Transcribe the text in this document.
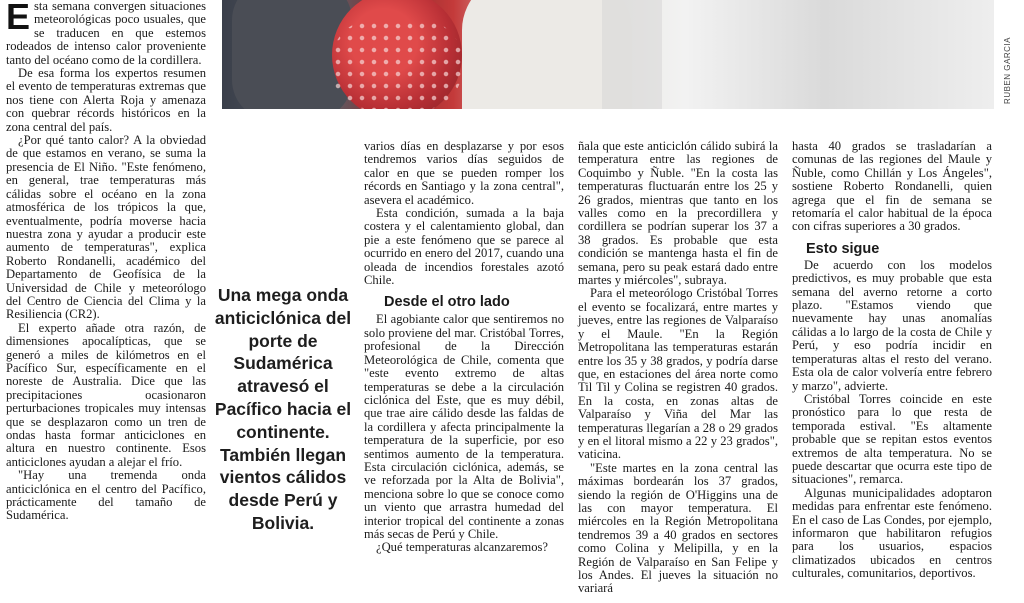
RUBEN GARCIA

Esta semana convergen situaciones meteorológicas poco usuales, que se traducen en que estemos rodeados de intenso calor proveniente tanto del océano como de la cordillera.

De esa forma los expertos resumen el evento de temperaturas extremas que nos tiene con Alerta Roja y amenaza con quebrar récords históricos en la zona central del país.

¿Por qué tanto calor? A la obviedad de que estamos en verano, se suma la presencia de El Niño. "Este fenómeno, en general, trae temperaturas más cálidas sobre el océano en la zona atmosférica de los trópicos la que, eventualmente, podría moverse hacia nuestra zona y ayudar a producir este aumento de temperaturas", explica Roberto Rondanelli, académico del Departamento de Geofísica de la Universidad de Chile y meteorólogo del Centro de Ciencia del Clima y la Resiliencia (CR2).

El experto añade otra razón, de dimensiones apocalípticas, que se generó a miles de kilómetros en el Pacífico Sur, específicamente en el noreste de Australia. Dice que las precipitaciones ocasionaron perturbaciones tropicales muy intensas que se desplazaron como un tren de ondas hasta formar anticiclones en altura en nuestro continente. Esos anticiclones ayudan a alejar el frío.

"Hay una tremenda onda anticiclónica en el centro del Pacífico, prácticamente del tamaño de Sudamérica.

Una mega onda anticiclónica del porte de Sudamérica atravesó el Pacífico hacia el continente. También llegan vientos cálidos desde Perú y Bolivia.

varios días en desplazarse y por esos tendremos varios días seguidos de calor en que se pueden romper los récords en Santiago y la zona central", asevera el académico.

Esta condición, sumada a la baja costera y el calentamiento global, dan pie a este fenómeno que se parece al ocurrido en enero del 2017, cuando una oleada de incendios forestales azotó Chile.

Desde el otro lado

El agobiante calor que sentiremos no solo proviene del mar. Cristóbal Torres, profesional de la Dirección Meteorológica de Chile, comenta que "este evento extremo de altas temperaturas se debe a la circulación ciclónica del Este, que es muy débil, que trae aire cálido desde las faldas de la cordillera y afecta principalmente la temperatura de la superficie, por eso sentimos aumento de la temperatura. Esta circulación ciclónica, además, se ve reforzada por la Alta de Bolivia", menciona sobre lo que se conoce como un viento que arrastra humedad del interior tropical del continente a zonas más secas de Perú y Chile.

¿Qué temperaturas alcanzaremos?

ñala que este anticiclón cálido subirá la temperatura entre las regiones de Coquimbo y Ñuble. "En la costa las temperaturas fluctuarán entre los 25 y 26 grados, mientras que tanto en los valles como en la precordillera y cordillera se podrían superar los 37 a 38 grados. Es probable que esta condición se mantenga hasta el fin de semana, pero su peak estará dado entre martes y miércoles", subraya.

Para el meteorólogo Cristóbal Torres el evento se focalizará, entre martes y jueves, entre las regiones de Valparaíso y el Maule. "En la Región Metropolitana las temperaturas estarán entre los 35 y 38 grados, y podría darse que, en estaciones del área norte como Til Til y Colina se registren 40 grados. En la costa, en zonas altas de Valparaíso y Viña del Mar las temperaturas llegarían a 28 o 29 grados y en el litoral mismo a 22 y 23 grados", vaticina.

"Este martes en la zona central las máximas bordearán los 37 grados, siendo la región de O'Higgins una de las con mayor temperatura. El miércoles en la Región Metropolitana tendremos 39 a 40 grados en sectores como Colina y Melipilla, y en la Región de Valparaíso en San Felipe y los Andes. El jueves la situación no variará

hasta 40 grados se trasladarían a comunas de las regiones del Maule y Ñuble, como Chillán y Los Ángeles", sostiene Roberto Rondanelli, quien agrega que el fin de semana se retomaría el calor habitual de la época con cifras superiores a 30 grados.

Esto sigue

De acuerdo con los modelos predictivos, es muy probable que esta semana del averno retorne a corto plazo. "Estamos viendo que nuevamente hay unas anomalías cálidas a lo largo de la costa de Chile y Perú, y eso podría incidir en temperaturas altas el resto del verano. Esta ola de calor volvería entre febrero y marzo", advierte.

Cristóbal Torres coincide en este pronóstico para lo que resta de temporada estival. "Es altamente probable que se repitan estos eventos extremos de alta temperatura. No se puede descartar que ocurra este tipo de situaciones", remarca.

Algunas municipalidades adoptaron medidas para enfrentar este fenómeno. En el caso de Las Condes, por ejemplo, informaron que habilitaron refugios para los usuarios, espacios climatizados ubicados en centros culturales, comunitarios, deportivos.
